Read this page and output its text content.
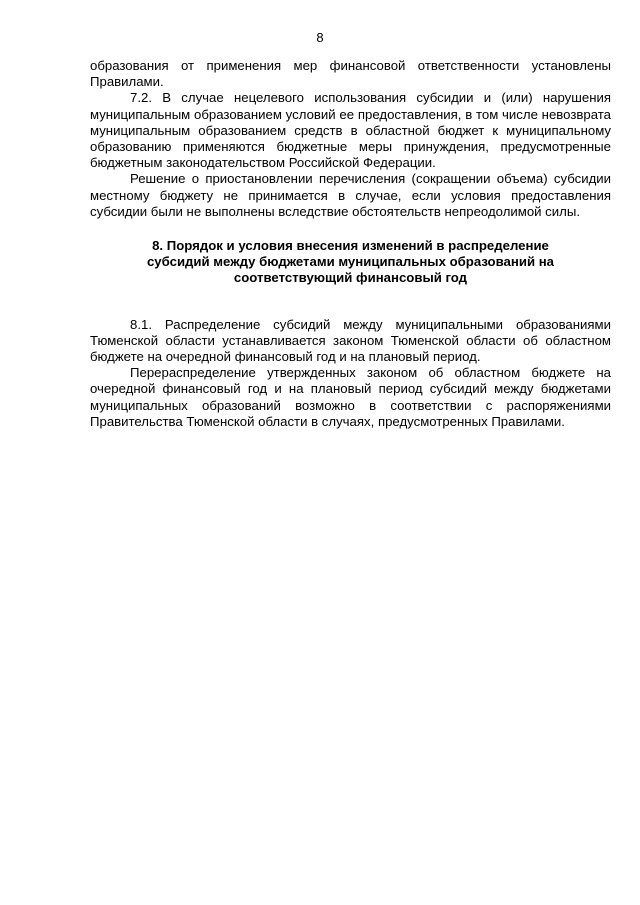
8

образования от применения мер финансовой ответственности установлены Правилами.

7.2. В случае нецелевого использования субсидии и (или) нарушения муниципальным образованием условий ее предоставления, в том числе невозврата муниципальным образованием средств в областной бюджет к муниципальному образованию применяются бюджетные меры принуждения, предусмотренные бюджетным законодательством Российской Федерации.

Решение о приостановлении перечисления (сокращении объема) субсидии местному бюджету не принимается в случае, если условия предоставления субсидии были не выполнены вследствие обстоятельств непреодолимой силы.

8. Порядок и условия внесения изменений в распределение
субсидий между бюджетами муниципальных образований на
соответствующий финансовый год

8.1. Распределение субсидий между муниципальными образованиями Тюменской области устанавливается законом Тюменской области об областном бюджете на очередной финансовый год и на плановый период.

Перераспределение утвержденных законом об областном бюджете на очередной финансовый год и на плановый период субсидий между бюджетами муниципальных образований возможно в соответствии с распоряжениями Правительства Тюменской области в случаях, предусмотренных Правилами.
